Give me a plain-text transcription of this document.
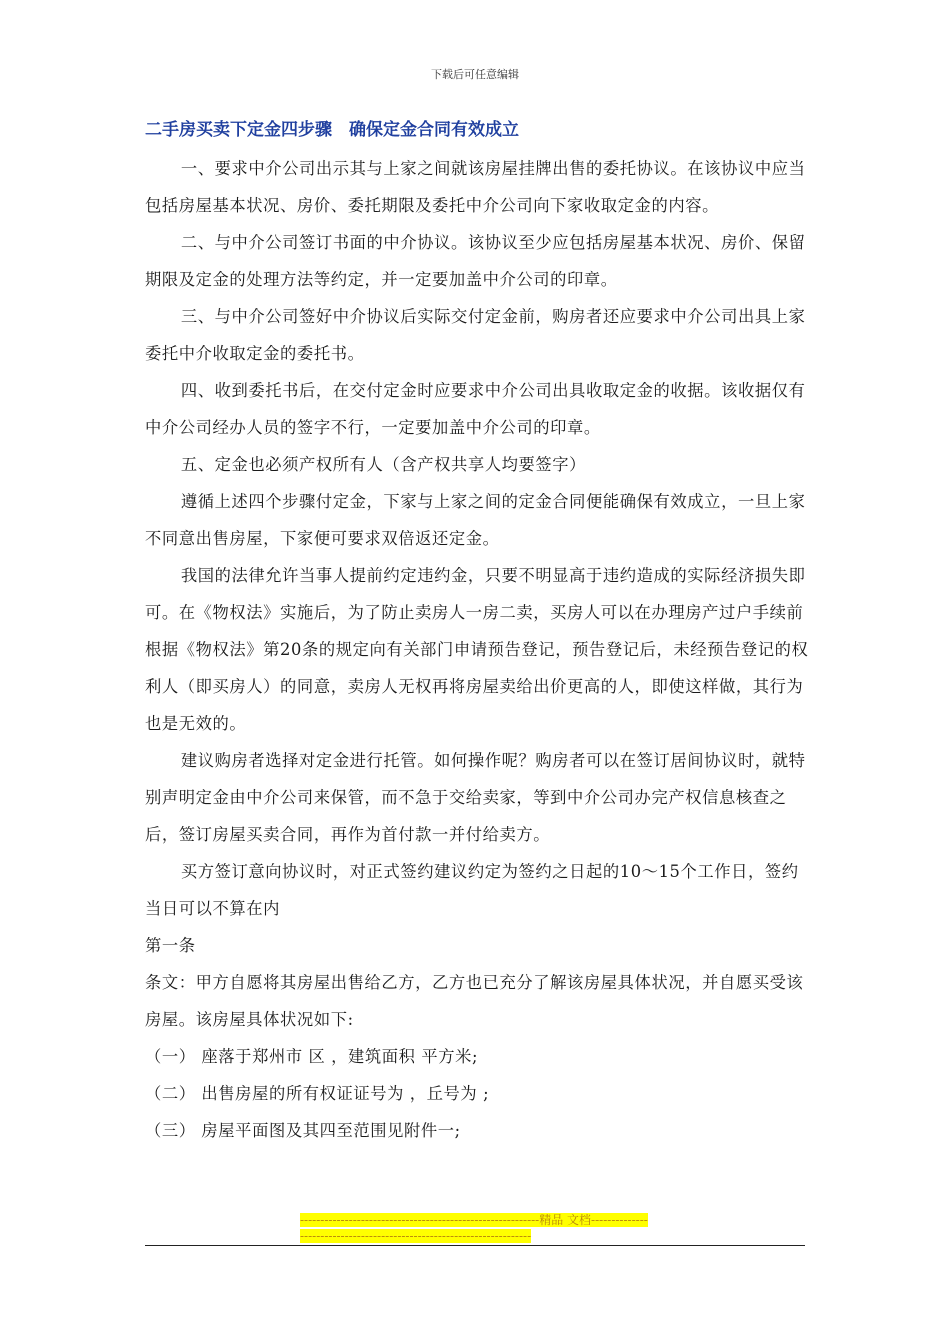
下载后可任意编辑
二手房买卖下定金四步骤　确保定金合同有效成立

一、要求中介公司出示其与上家之间就该房屋挂牌出售的委托协议。在该协议中应当包括房屋基本状况、房价、委托期限及委托中介公司向下家收取定金的内容。

二、与中介公司签订书面的中介协议。该协议至少应包括房屋基本状况、房价、保留期限及定金的处理方法等约定，并一定要加盖中介公司的印章。

三、与中介公司签好中介协议后实际交付定金前，购房者还应要求中介公司出具上家委托中介收取定金的委托书。

四、收到委托书后，在交付定金时应要求中介公司出具收取定金的收据。该收据仅有中介公司经办人员的签字不行，一定要加盖中介公司的印章。

五、定金也必须产权所有人（含产权共享人均要签字）

遵循上述四个步骤付定金，下家与上家之间的定金合同便能确保有效成立，一旦上家不同意出售房屋，下家便可要求双倍返还定金。

我国的法律允许当事人提前约定违约金，只要不明显高于违约造成的实际经济损失即可。在《物权法》实施后，为了防止卖房人一房二卖，买房人可以在办理房产过户手续前根据《物权法》第20条的规定向有关部门申请预告登记，预告登记后，未经预告登记的权利人（即买房人）的同意，卖房人无权再将房屋卖给出价更高的人，即使这样做，其行为也是无效的。

建议购房者选择对定金进行托管。如何操作呢？购房者可以在签订居间协议时，就特别声明定金由中介公司来保管，而不急于交给卖家，等到中介公司办完产权信息核查之后，签订房屋买卖合同，再作为首付款一并付给卖方。

买方签订意向协议时，对正式签约建议约定为签约之日起的10～15个工作日，签约当日可以不算在内

第一条

条文：甲方自愿将其房屋出售给乙方，乙方也已充分了解该房屋具体状况，并自愿买受该房屋。该房屋具体状况如下:

（一） 座落于郑州市 区 ，建筑面积 平方米;

（二） 出售房屋的所有权证证号为 ，丘号为 ;

（三） 房屋平面图及其四至范围见附件一;

-----------------------------------------------------------精品 文档-----------------------------------------------------------------------
